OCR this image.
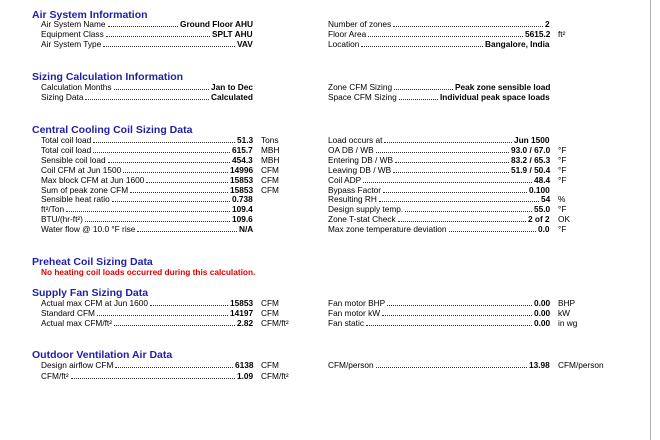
Air System Information
Air System Name	Ground Floor AHU
Equipment Class	SPLT AHU
Air System Type	VAV
Number of zones	2
Floor Area	5615.2 ft²
Location	Bangalore, India
Sizing Calculation Information
Calculation Months	Jan to Dec
Sizing Data	Calculated
Zone CFM Sizing	Peak zone sensible load
Space CFM Sizing	Individual peak space loads
Central Cooling Coil Sizing Data
Total coil load	51.3 Tons
Total coil load	615.7 MBH
Sensible coil load	454.3 MBH
Coil CFM at Jun 1500	14996 CFM
Max block CFM at Jun 1600	15853 CFM
Sum of peak zone CFM	15853 CFM
Sensible heat ratio	0.738
ft²/Ton	109.4
BTU/(hr-ft²)	109.6
Water flow @ 10.0 °F rise	N/A
Load occurs at	Jun 1500
OA DB / WB	93.0 / 67.0 °F
Entering DB / WB	83.2 / 65.3 °F
Leaving DB / WB	51.9 / 50.4 °F
Coil ADP	48.4 °F
Bypass Factor	0.100
Resulting RH	54 %
Design supply temp.	55.0 °F
Zone T-stat Check	2 of 2 OK
Max zone temperature deviation	0.0 °F
Preheat Coil Sizing Data
No heating coil loads occurred during this calculation.
Supply Fan Sizing Data
Actual max CFM at Jun 1600	15853 CFM
Standard CFM	14197 CFM
Actual max CFM/ft²	2.82 CFM/ft²
Fan motor BHP	0.00 BHP
Fan motor kW	0.00 kW
Fan static	0.00 in wg
Outdoor Ventilation Air Data
Design airflow CFM	6138 CFM
CFM/ft²	1.09 CFM/ft²
CFM/person	13.98 CFM/person
